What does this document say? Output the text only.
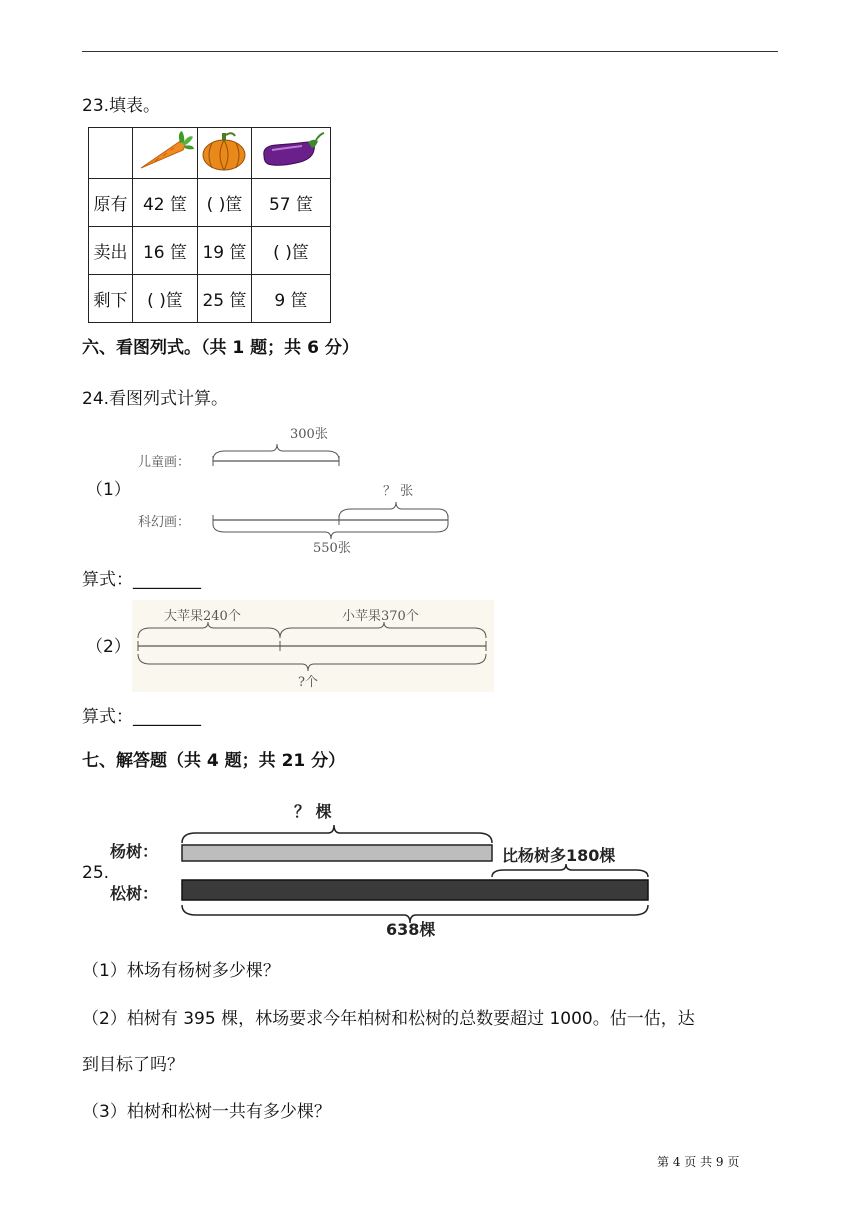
23.填表。

原有	42 筐	( )筐	57 筐
卖出	16 筐	19 筐	( )筐
剩下	( )筐	25 筐	9 筐
六、看图列式。（共 1 题；共 6 分）
24.看图列式计算。
（1）
儿童画：
300张
科幻画：
？ 张
550张
算式：________
（2）
大苹果240个	小苹果370个
?个
算式：________
七、解答题（共 4 题；共 21 分）
25.
？ 棵
杨树：	比杨树多180棵
松树：
638棵
（1）林场有杨树多少棵？
（2）柏树有 395 棵，林场要求今年柏树和松树的总数要超过 1000。估一估，达
到目标了吗？
（3）柏树和松树一共有多少棵？
第 4 页 共 9 页
